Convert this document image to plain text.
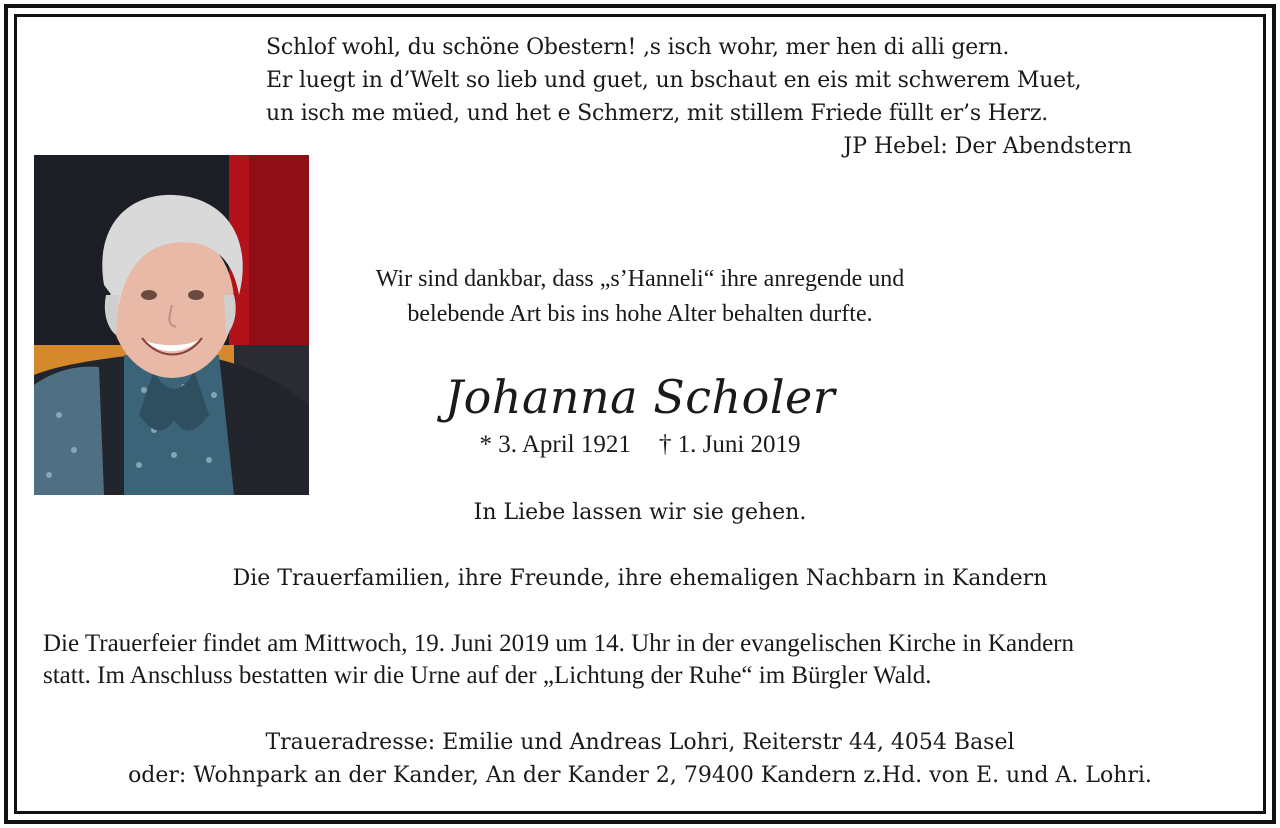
Schlof wohl, du schöne Obestern! ‚s isch wohr, mer hen di alli gern.
Er luegt in d’Welt so lieb und guet, un bschaut en eis mit schwerem Muet,
un isch me müed, und het e Schmerz, mit stillem Friede füllt er’s Herz.
JP Hebel: Der Abendstern
Wir sind dankbar, dass „s’Hanneli“ ihre anregende und
belebende Art bis ins hohe Alter behalten durfte.
Johanna Scholer
* 3. April 1921 † 1. Juni 2019
In Liebe lassen wir sie gehen.
Die Trauerfamilien, ihre Freunde, ihre ehemaligen Nachbarn in Kandern
Die Trauerfeier findet am Mittwoch, 19. Juni 2019 um 14. Uhr in der evangelischen Kirche in Kandern
statt. Im Anschluss bestatten wir die Urne auf der „Lichtung der Ruhe“ im Bürgler Wald.
Traueradresse: Emilie und Andreas Lohri, Reiterstr 44, 4054 Basel
oder: Wohnpark an der Kander, An der Kander 2, 79400 Kandern z.Hd. von E. und A. Lohri.
